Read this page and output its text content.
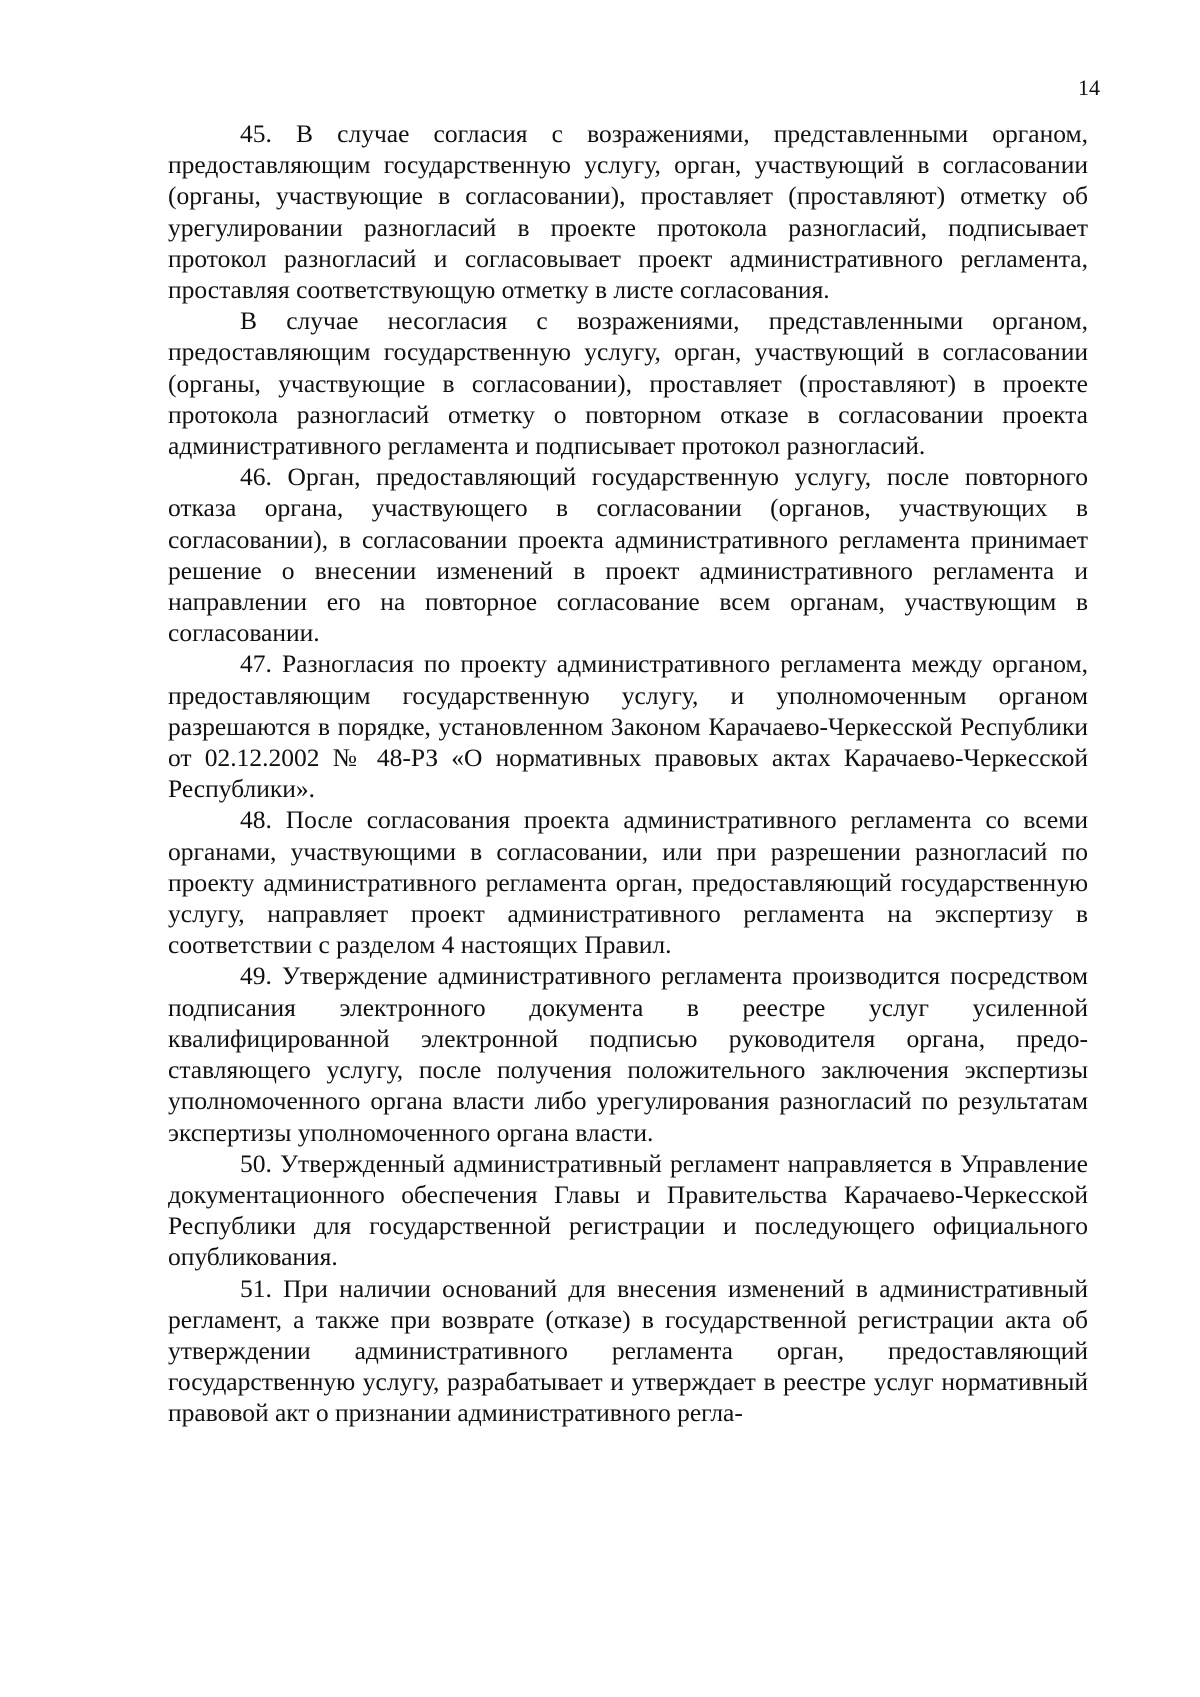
14

45. В случае согласия с возражениями, представленными органом, предоставляющим государственную услугу, орган, участвующий в согласовании (органы, участвующие в согласовании), проставляет (проставляют) отметку об урегулировании разногласий в проекте протокола разногласий, подписывает протокол разногласий и согласовывает проект административного регламента, проставляя соответствующую отметку в листе согласования.

В случае несогласия с возражениями, представленными органом, предоставляющим государственную услугу, орган, участвующий в согласовании (органы, участвующие в согласовании), проставляет (проставляют) в проекте протокола разногласий отметку о повторном отказе в согласовании проекта административного регламента и подписывает протокол разногласий.

46. Орган, предоставляющий государственную услугу, после повторного отказа органа, участвующего в согласовании (органов, участвующих в согласовании), в согласовании проекта административного регламента принимает решение о внесении изменений в проект административного регламента и направлении его на повторное согласование всем органам, участвующим в согласовании.

47. Разногласия по проекту административного регламента между органом, предоставляющим государственную услугу, и уполномоченным органом разрешаются в порядке, установленном Законом Карачаево-Черкесской Республики от 02.12.2002 № 48-РЗ «О нормативных правовых актах Карачаево-Черкесской Республики».

48. После согласования проекта административного регламента со всеми органами, участвующими в согласовании, или при разрешении разногласий по проекту административного регламента орган, предоставляющий государственную услугу, направляет проект административного регламента на экспертизу в соответствии с разделом 4 настоящих Правил.

49. Утверждение административного регламента производится посредством подписания электронного документа в реестре услуг усиленной квалифицированной электронной подписью руководителя органа, предоставляющего услугу, после получения положительного заключения экспертизы уполномоченного органа власти либо урегулирования разногласий по результатам экспертизы уполномоченного органа власти.

50. Утвержденный административный регламент направляется в Управление документационного обеспечения Главы и Правительства Карачаево-Черкесской Республики для государственной регистрации и последующего официального опубликования.

51. При наличии оснований для внесения изменений в административный регламент, а также при возврате (отказе) в государственной регистрации акта об утверждении административного регламента орган, предоставляющий государственную услугу, разрабатывает и утверждает в реестре услуг нормативный правовой акт о признании административного регла-
